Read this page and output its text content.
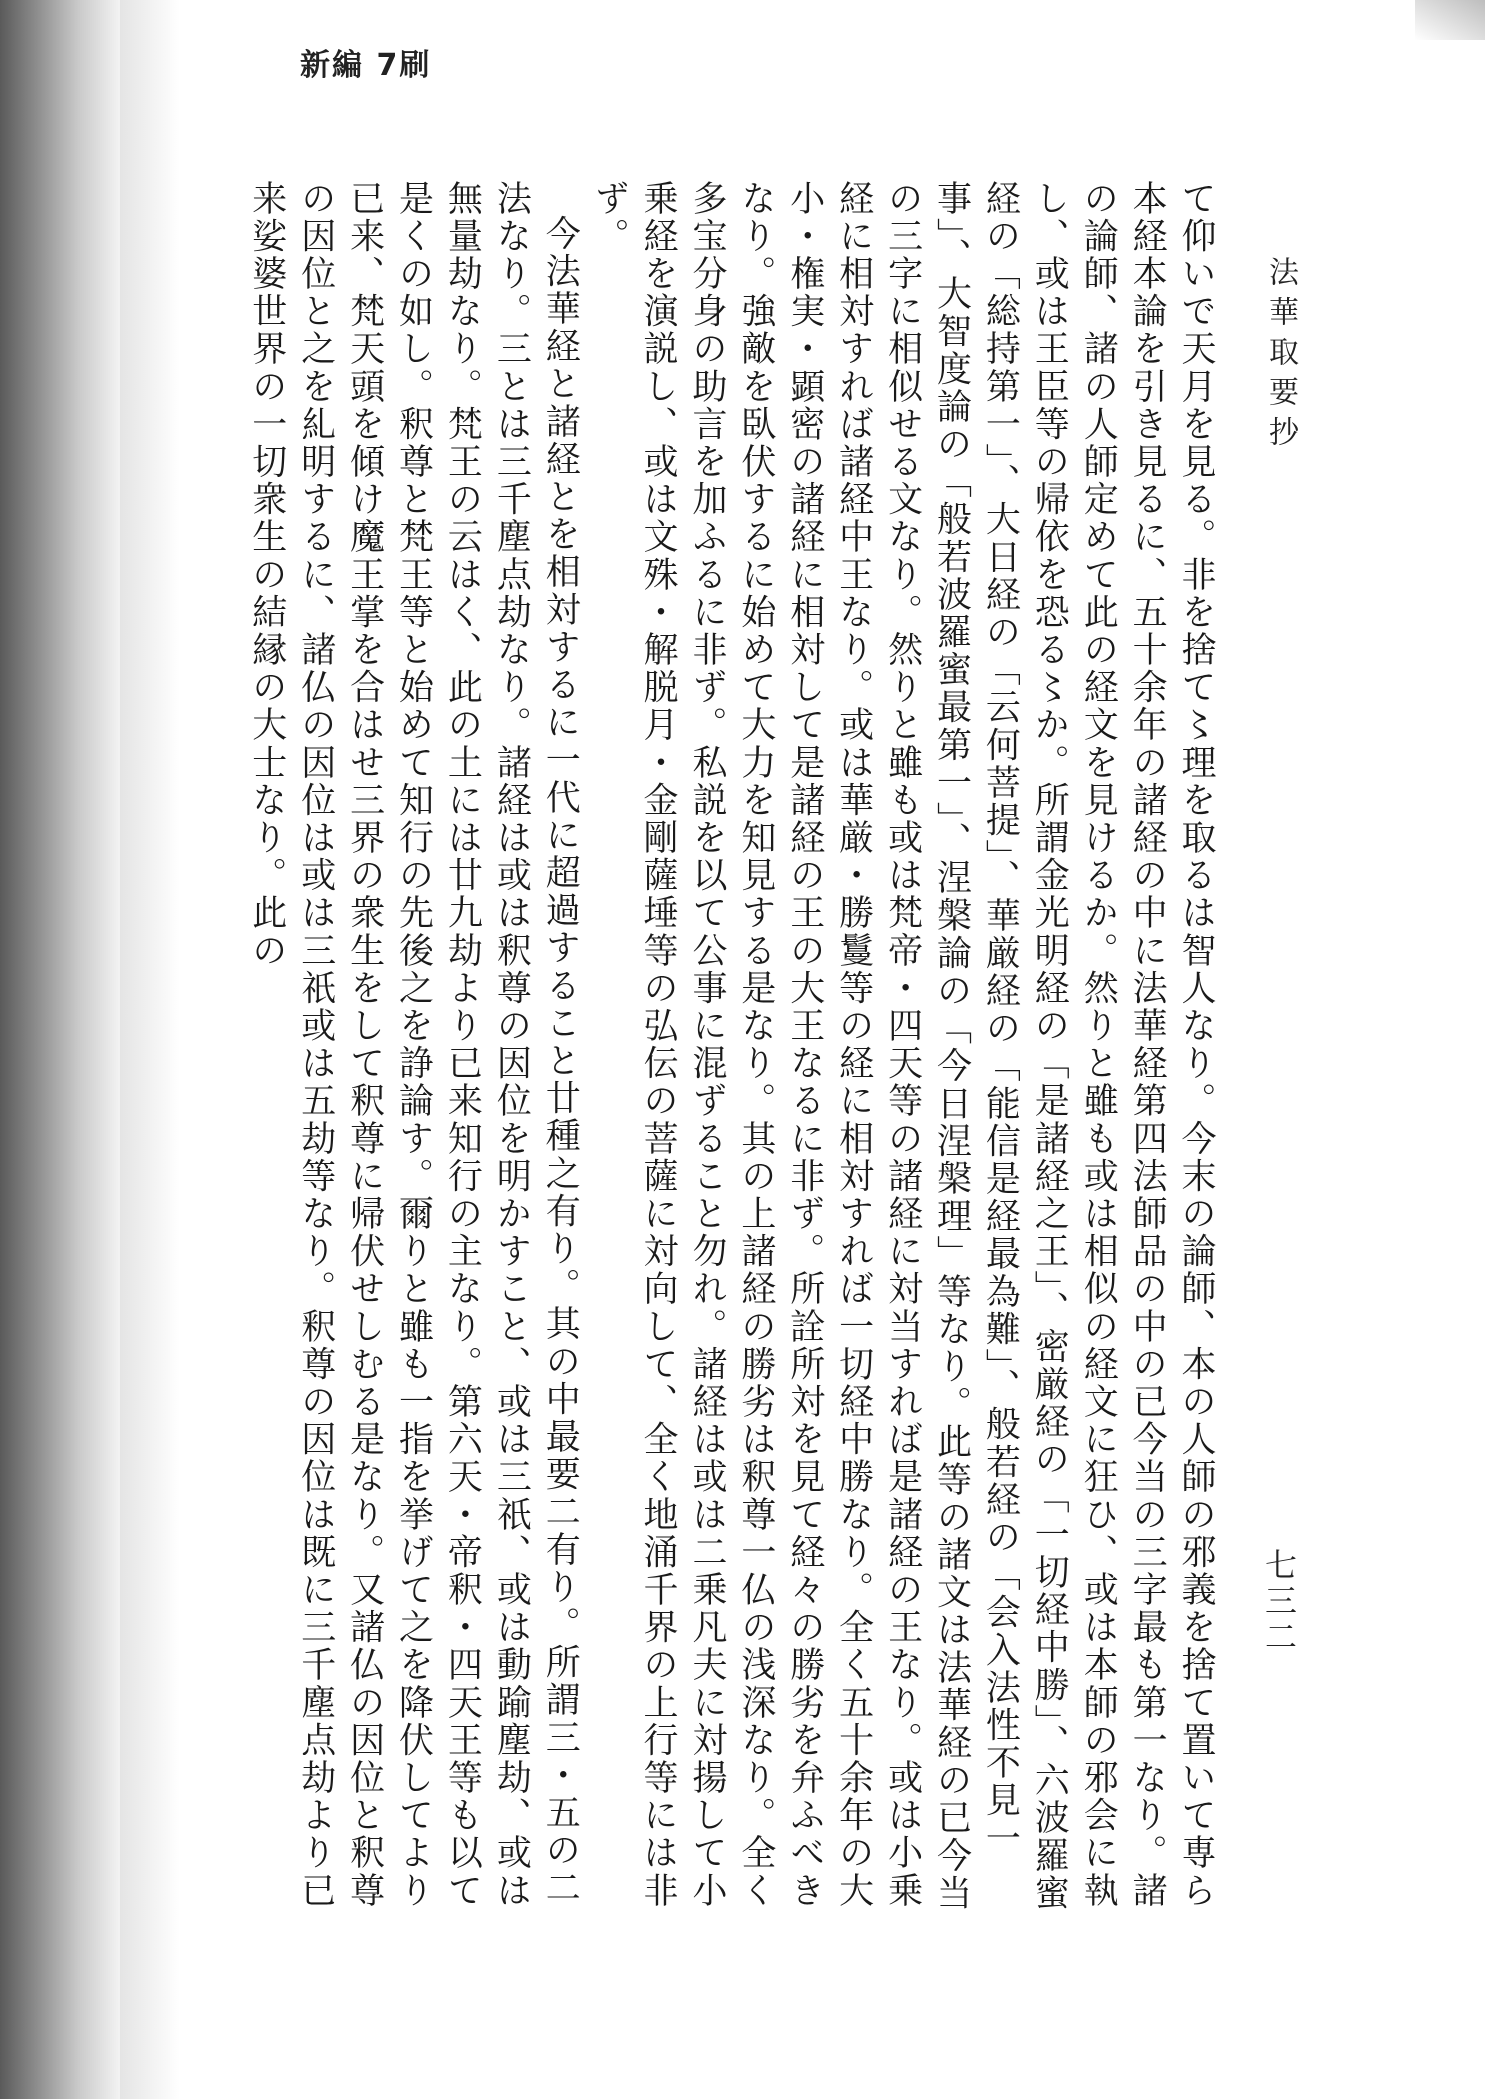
新編 7刷
法華取要抄
七三二
て仰いで天月を見る。非を捨て〻理を取るは智人なり。今末の論師、本の人師の邪義を捨て置いて専ら本経本論を引き見るに、五十余年の諸経の中に法華経第四法師品の中の已今当の三字最も第一なり。諸の論師、諸の人師定めて此の経文を見けるか。然りと雖も或は相似の経文に狂ひ、或は本師の邪会に執し、或は王臣等の帰依を恐る〻か。所謂金光明経の「是諸経之王」、密厳経の「一切経中勝」、六波羅蜜経の「総持第一」、大日経の「云何菩提」、華厳経の「能信是経最為難」、般若経の「会入法性不見一事」、大智度論の「般若波羅蜜最第一」、涅槃論の「今日涅槃理」等なり。此等の諸文は法華経の已今当の三字に相似せる文なり。然りと雖も或は梵帝・四天等の諸経に対当すれば是諸経の王なり。或は小乗経に相対すれば諸経中王なり。或は華厳・勝鬘等の経に相対すれば一切経中勝なり。全く五十余年の大小・権実・顕密の諸経に相対して是諸経の王の大王なるに非ず。所詮所対を見て経々の勝劣を弁ふべきなり。強敵を臥伏するに始めて大力を知見する是なり。其の上諸経の勝劣は釈尊一仏の浅深なり。全く多宝分身の助言を加ふるに非ず。私説を以て公事に混ずること勿れ。諸経は或は二乗凡夫に対揚して小乗経を演説し、或は文殊・解脱月・金剛薩埵等の弘伝の菩薩に対向して、全く地涌千界の上行等には非ず。
今法華経と諸経とを相対するに一代に超過すること廿種之有り。其の中最要二有り。所謂三・五の二法なり。三とは三千塵点劫なり。諸経は或は釈尊の因位を明かすこと、或は三祇、或は動踰塵劫、或は無量劫なり。梵王の云はく、此の土には廿九劫より已来知行の主なり。第六天・帝釈・四天王等も以て是くの如し。釈尊と梵王等と始めて知行の先後之を諍論す。爾りと雖も一指を挙げて之を降伏してより已来、梵天頭を傾け魔王掌を合はせ三界の衆生をして釈尊に帰伏せしむる是なり。又諸仏の因位と釈尊の因位と之を糺明するに、諸仏の因位は或は三祇或は五劫等なり。釈尊の因位は既に三千塵点劫より已来娑婆世界の一切衆生の結縁の大士なり。此の
